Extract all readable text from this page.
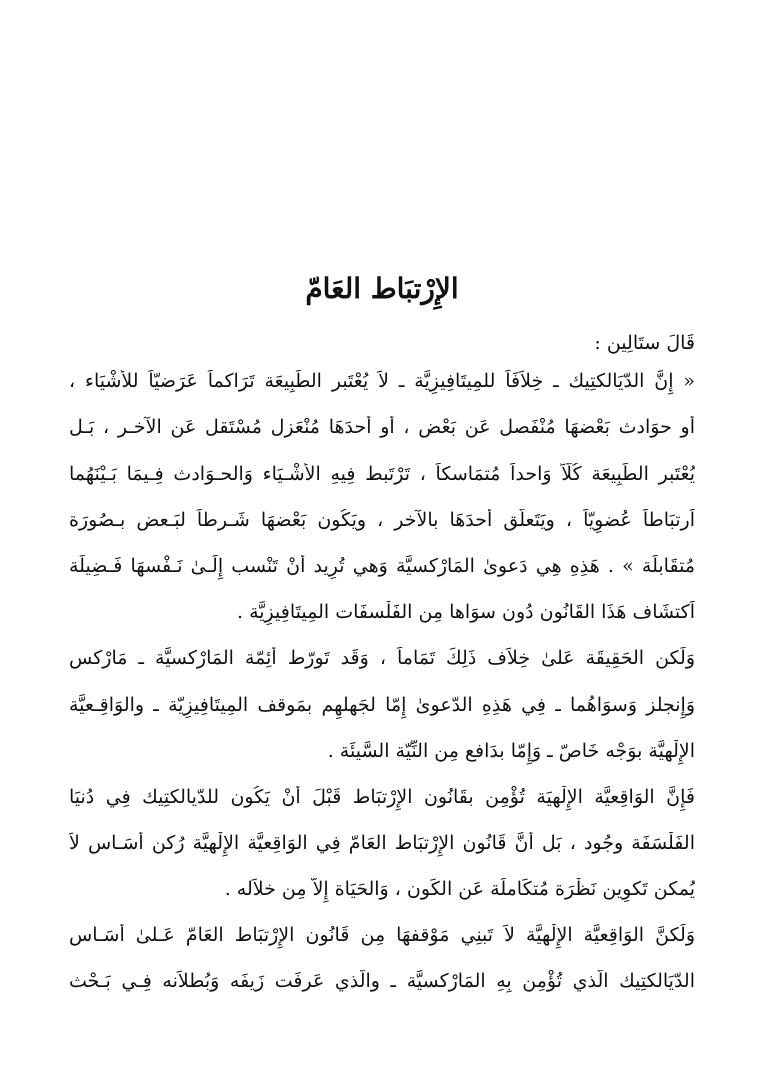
الإِرْتبَاط العَامّ
قَالَ ستَالِين :
« إِنَّ الدّيَالكتِيك ـ خِلاَفَاً للمِيتَافِيزِيَّة ـ لاَ يُعْتَبر الطَبِيعَة تَرَاكماً عَرَضيّاً للأَشْيَاء ،
أَو حوَادث بَعْضهَا مُنْفَصل عَن بَعْض ، أَو أَحدَهَا مُنْعَزل مُسْتَقل عَن الآخـر ، بَـل
يُعْتَبر الطَبِيعَة كُلّاً وَاحداً مُتمَاسكاً ، تَرْتَبط فِيهِ الأَشْـيَاء وَالحـوَادث فِـيمَا بَـيْنَهُما
اَرتبَاطاً عُضوِيّاً ، ويَتَعلّق أَحدَهَا بالآخر ، ويَكُون بَعْضهَا شَـرطاً لبَـعض بـصُورَة
مُتقَابلَة » . هَذِهِ هِي دَعوىٰ المَارْكسيَّة وَهي تُرِيد أَنْ تَنْسب إِلَـىٰ نَـفْسهَا فَـضِيلَة
اَكتشَاف هَذَا القَانُون دُون سوَاها مِن الفَلْسفَات المِيتَافِيزِيَّة .
وَلَكن الحَقِيقَة عَلىٰ خِلاَف ذَلِكَ تَمَاماً ، وَقَد تَورّط أَئِمّة المَارْكسيَّة ـ مَارْكس
وَإِنجلز وَسوَاهُما ـ فِي هَذِهِ الدّعوىٰ إِمّا لجَهلهِم بمَوقف المِيتَافِيزِيّة ـ والوَاقِـعيَّة
الإِلْهيَّة بوَجْه خَاصّ ـ وَإِمّا بدَافع مِن النِّيّة السَّيئَة .
فَإِنَّ الوَاقِعيَّة الإِلْهيَة تُؤْمِن بقَانُون الإِرْتبَاط قَبْلَ أَنْ يَكُون للدّيالكتِيك فِي دُنيَا
الفَلْسَفَة وجُود ، بَل أَنَّ قَانُون الإِرْتبَاط العَامّ فِي الوَاقِعيَّة الإِلْهيَّة رُكن أَسَـاس لاَ
يُمكن تَكوِين نَظْرَة مُتكَاملَة عَن الكَون ، وَالحَيَاة إِلاّ مِن خلاَله .
وَلَكنَّ الوَاقِعيَّة الإِلْهيَّة لاَ تَبنِي مَوْقفهَا مِن قَانُون الإِرْتبَاط العَامّ عَـلىٰ أَسَـاس
الدّيَالكتِيك الّذي تُؤْمِن بِهِ المَارْكسيَّة ـ والّذي عَرفَت زَيفَه وَبُطلاَنه فِـي بَـحْث
